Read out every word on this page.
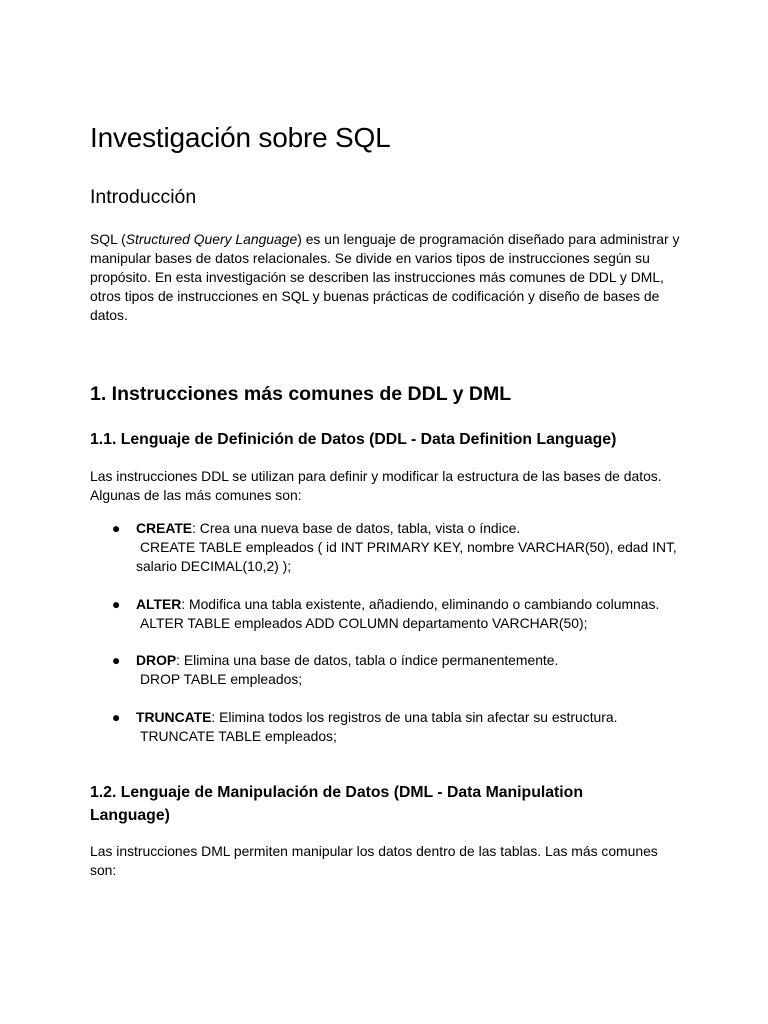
Investigación sobre SQL
Introducción

SQL (Structured Query Language) es un lenguaje de programación diseñado para administrar y

manipular bases de datos relacionales. Se divide en varios tipos de instrucciones según su

propósito. En esta investigación se describen las instrucciones más comunes de DDL y DML,

otros tipos de instrucciones en SQL y buenas prácticas de codificación y diseño de bases de

datos.

1. Instrucciones más comunes de DDL y DML
1.1. Lenguaje de Definición de Datos (DDL - Data Definition Language)

Las instrucciones DDL se utilizan para definir y modificar la estructura de las bases de datos.

Algunas de las más comunes son:

● CREATE: Crea una nueva base de datos, tabla, vista o índice.
CREATE TABLE empleados ( id INT PRIMARY KEY, nombre VARCHAR(50), edad INT,
salario DECIMAL(10,2) );
● ALTER: Modifica una tabla existente, añadiendo, eliminando o cambiando columnas.
ALTER TABLE empleados ADD COLUMN departamento VARCHAR(50);
● DROP: Elimina una base de datos, tabla o índice permanentemente.
DROP TABLE empleados;
● TRUNCATE: Elimina todos los registros de una tabla sin afectar su estructura.
TRUNCATE TABLE empleados;
1.2. Lenguaje de Manipulación de Datos (DML - Data Manipulation
Language)

Las instrucciones DML permiten manipular los datos dentro de las tablas. Las más comunes

son:
